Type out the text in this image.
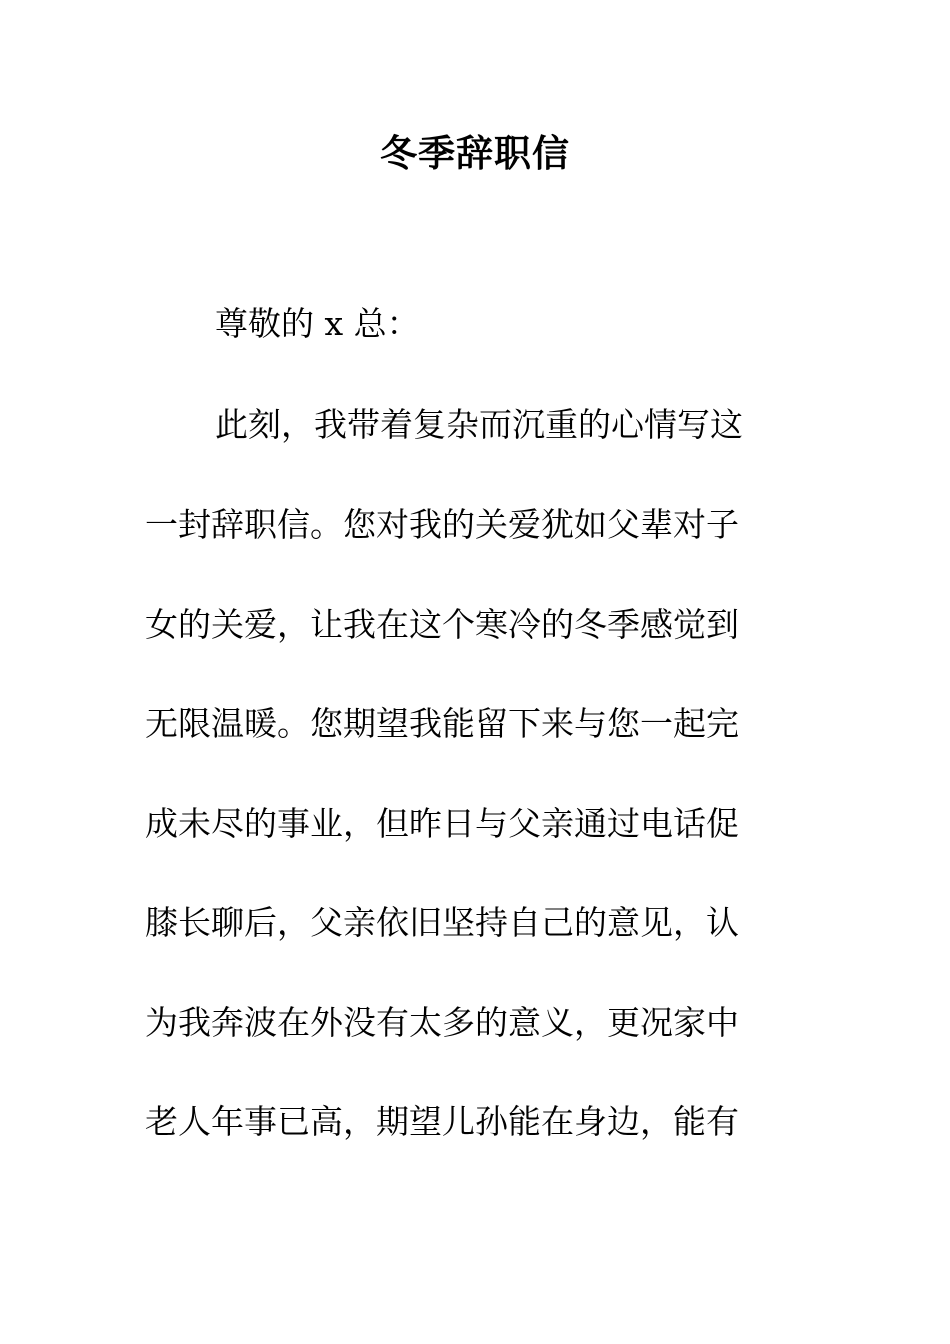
冬季辞职信

尊敬的 x 总：

此刻，我带着复杂而沉重的心情写这

一封辞职信。您对我的关爱犹如父辈对子

女的关爱，让我在这个寒冷的冬季感觉到

无限温暖。您期望我能留下来与您一起完

成未尽的事业，但昨日与父亲通过电话促

膝长聊后，父亲依旧坚持自己的意见，认

为我奔波在外没有太多的意义，更况家中

老人年事已高，期望儿孙能在身边，能有
